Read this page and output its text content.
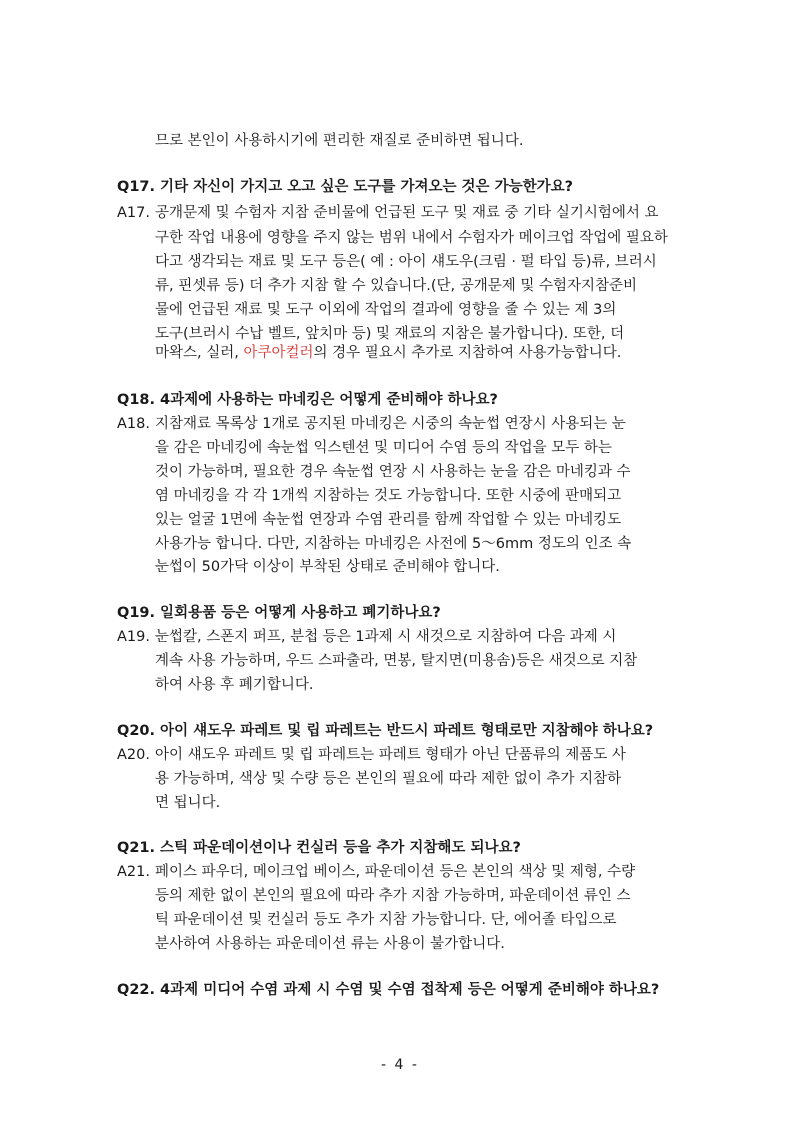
므로 본인이 사용하시기에 편리한 재질로 준비하면 됩니다.
Q17. 기타 자신이 가지고 오고 싶은 도구를 가져오는 것은 가능한가요?
A17. 공개문제 및 수험자 지참 준비물에 언급된 도구 및 재료 중 기타 실기시험에서 요
구한 작업 내용에 영향을 주지 않는 범위 내에서 수험자가 메이크업 작업에 필요하
다고 생각되는 재료 및 도구 등은( 예 : 아이 섀도우(크림 · 펄 타입 등)류, 브러시
류, 핀셋류 등) 더 추가 지참 할 수 있습니다.(단, 공개문제 및 수험자지참준비
물에 언급된 재료 및 도구 이외에 작업의 결과에 영향을 줄 수 있는 제 3의
도구(브러시 수납 벨트, 앞치마 등) 및 재료의 지참은 불가합니다). 또한, 더
마왁스, 실러, 아쿠아컬러의 경우 필요시 추가로 지참하여 사용가능합니다.
Q18. 4과제에 사용하는 마네킹은 어떻게 준비해야 하나요?
A18. 지참재료 목록상 1개로 공지된 마네킹은 시중의 속눈썹 연장시 사용되는 눈
을 감은 마네킹에 속눈썹 익스텐션 및 미디어 수염 등의 작업을 모두 하는
것이 가능하며, 필요한 경우 속눈썹 연장 시 사용하는 눈을 감은 마네킹과 수
염 마네킹을 각 각 1개씩 지참하는 것도 가능합니다. 또한 시중에 판매되고
있는 얼굴 1면에 속눈썹 연장과 수염 관리를 함께 작업할 수 있는 마네킹도
사용가능 합니다. 다만, 지참하는 마네킹은 사전에 5～6mm 정도의 인조 속
눈썹이 50가닥 이상이 부착된 상태로 준비해야 합니다.
Q19. 일회용품 등은 어떻게 사용하고 폐기하나요?
A19. 눈썹칼, 스폰지 퍼프, 분첩 등은 1과제 시 새것으로 지참하여 다음 과제 시
계속 사용 가능하며, 우드 스파출라, 면봉, 탈지면(미용솜)등은 새것으로 지참
하여 사용 후 폐기합니다.
Q20. 아이 섀도우 파레트 및 립 파레트는 반드시 파레트 형태로만 지참해야 하나요?
A20. 아이 섀도우 파레트 및 립 파레트는 파레트 형태가 아닌 단품류의 제품도 사
용 가능하며, 색상 및 수량 등은 본인의 필요에 따라 제한 없이 추가 지참하
면 됩니다.
Q21. 스틱 파운데이션이나 컨실러 등을 추가 지참해도 되나요?
A21. 페이스 파우더, 메이크업 베이스, 파운데이션 등은 본인의 색상 및 제형, 수량
등의 제한 없이 본인의 필요에 따라 추가 지참 가능하며, 파운데이션 류인 스
틱 파운데이션 및 컨실러 등도 추가 지참 가능합니다. 단, 에어졸 타입으로
분사하여 사용하는 파운데이션 류는 사용이 불가합니다.
Q22. 4과제 미디어 수염 과제 시 수염 및 수염 접착제 등은 어떻게 준비해야 하나요?
- 4 -
